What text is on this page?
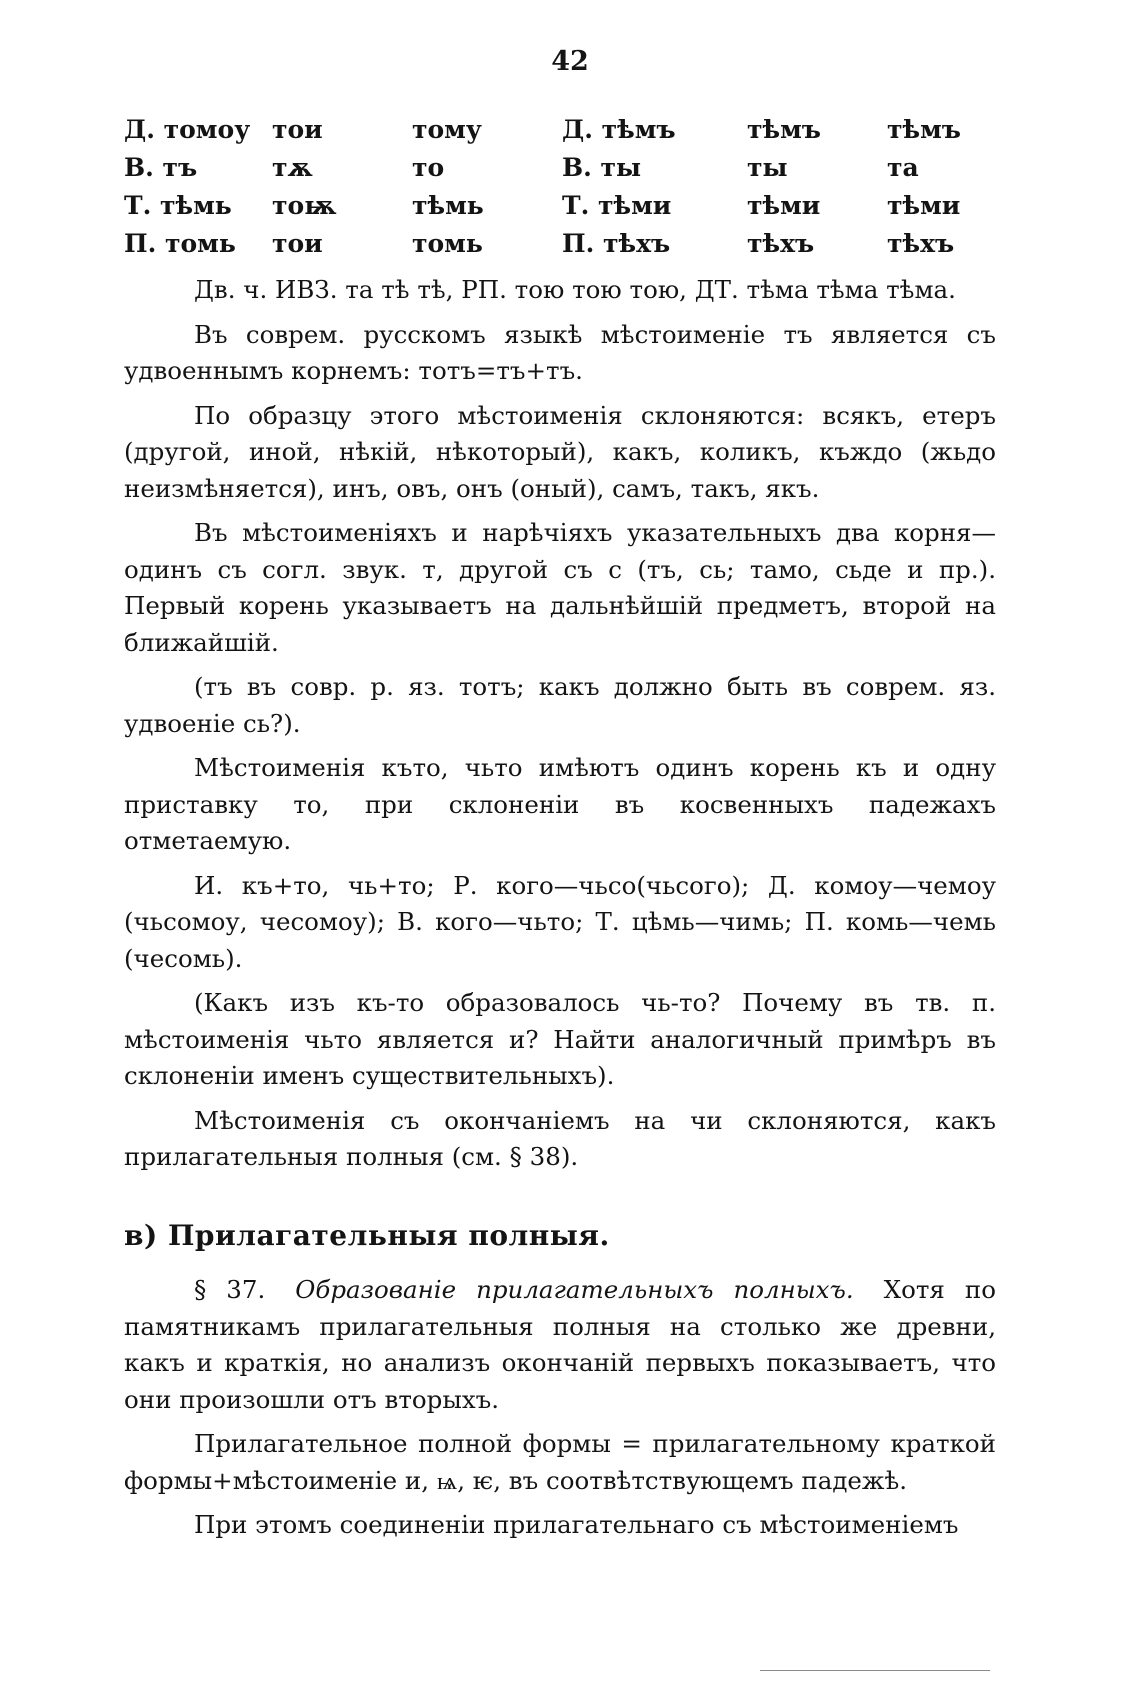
42
Д. томоу	тои	тому	Д. тѣмъ	тѣмъ	тѣмъ
В. тъ	тѫ	то	В. ты	ты	та
Т. тѣмь	тоѭ	тѣмь	Т. тѣми	тѣми	тѣми
П. томь	тои	томь	П. тѣхъ	тѣхъ	тѣхъ

Дв. ч. ИВЗ. та тѣ тѣ, РП. тою тою тою, ДТ. тѣма тѣма тѣма.

Въ соврем. русскомъ языкѣ мѣстоименіе тъ является съ удвоеннымъ корнемъ: тотъ=тъ+тъ.

По образцу этого мѣстоименія склоняются: всякъ, етеръ (другой, иной, нѣкій, нѣкоторый), какъ, коликъ, къждо (жьдо неизмѣняется), инъ, овъ, онъ (оный), самъ, такъ, якъ.

Въ мѣстоименіяхъ и нарѣчіяхъ указательныхъ два корня— одинъ съ согл. звук. т, другой съ с (тъ, сь; тамо, сьде и пр.). Первый корень указываетъ на дальнѣйшій предметъ, второй на ближайшій.

(тъ въ совр. р. яз. тотъ; какъ должно быть въ соврем. яз. удвоеніе сь?).

Мѣстоименія къто, чьто имѣютъ одинъ корень къ и одну приставку то, при склоненіи въ косвенныхъ падежахъ отметаемую.

И. къ+то, чь+то; Р. кого—чьсо(чьсого); Д. комоу—чемоу (чьсомоу, чесомоу); В. кого—чьто; Т. цѣмь—чимь; П. комь—чемь (чесомь).

(Какъ изъ къ-то образовалось чь-то? Почему въ тв. п. мѣстоименія чьто является и? Найти аналогичный примѣръ въ склоненіи именъ существительныхъ).

Мѣстоименія съ окончаніемъ на чи склоняются, какъ прилагательныя полныя (см. § 38).

в) Прилагательныя полныя.

§ 37. Образованіе прилагательныхъ полныхъ. Хотя по памятникамъ прилагательныя полныя на столько же древни, какъ и краткія, но анализъ окончаній первыхъ показываетъ, что они произошли отъ вторыхъ.

Прилагательное полной формы = прилагательному краткой формы+мѣстоименіе и, ѩ, ѥ, въ соотвѣтствующемъ падежѣ.

При этомъ соединеніи прилагательнаго съ мѣстоименіемъ
